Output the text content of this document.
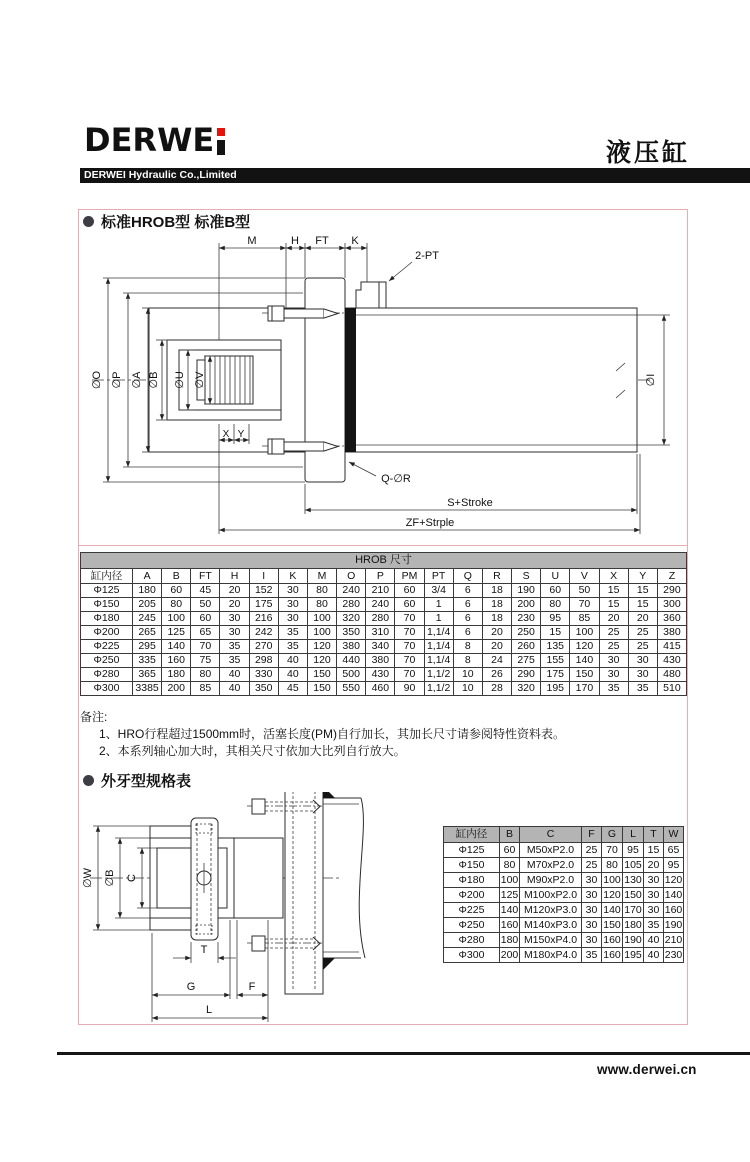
DERWE	液压缸
DERWEI Hydraulic Co.,Limited
标准HROB型 标准B型
M	H FT K
2-PT
∅O ∅P ∅A ∅B ∅U ∅V
X Y
∅I
Q-∅R
S+Stroke
ZF+Strple
HROB 尺寸																			
缸内径	A	B	FT	H	I	K	M	O	P	PM	PT	Q	R	S	U	V	X	Y	Z
Φ125	180	60	45	20	152	30	80	240	210	60	3/4	6	18	190	60	50	15	15	290
Φ150	205	80	50	20	175	30	80	280	240	60	1	6	18	200	80	70	15	15	300
Φ180	245	100	60	30	216	30	100	320	280	70	1	6	18	230	95	85	20	20	360
Φ200	265	125	65	30	242	35	100	350	310	70	1,1/4	6	20	250	15	100	25	25	380
Φ225	295	140	70	35	270	35	120	380	340	70	1,1/4	8	20	260	135	120	25	25	415
Φ250	335	160	75	35	298	40	120	440	380	70	1,1/4	8	24	275	155	140	30	30	430
Φ280	365	180	80	40	330	40	150	500	430	70	1,1/2	10	26	290	175	150	30	30	480
Φ300	3385	200	85	40	350	45	150	550	460	90	1,1/2	10	28	320	195	170	35	35	510
备注:
1、HRO行程超过1500mm时，活塞长度(PM)自行加长，其加长尺寸请参阅特性资料表。
2、本系列轴心加大时，其相关尺寸依加大比列自行放大。
外牙型规格表
∅W ∅B C
T
G	F
L
缸内径	B	C	F	G	L	T	W
Φ125	60	M50xP2.0	25	70	95	15	65
Φ150	80	M70xP2.0	25	80	105	20	95
Φ180	100	M90xP2.0	30	100	130	30	120
Φ200	125	M100xP2.0	30	120	150	30	140
Φ225	140	M120xP3.0	30	140	170	30	160
Φ250	160	M140xP3.0	30	150	180	35	190
Φ280	180	M150xP4.0	30	160	190	40	210
Φ300	200	M180xP4.0	35	160	195	40	230
www.derwei.cn
